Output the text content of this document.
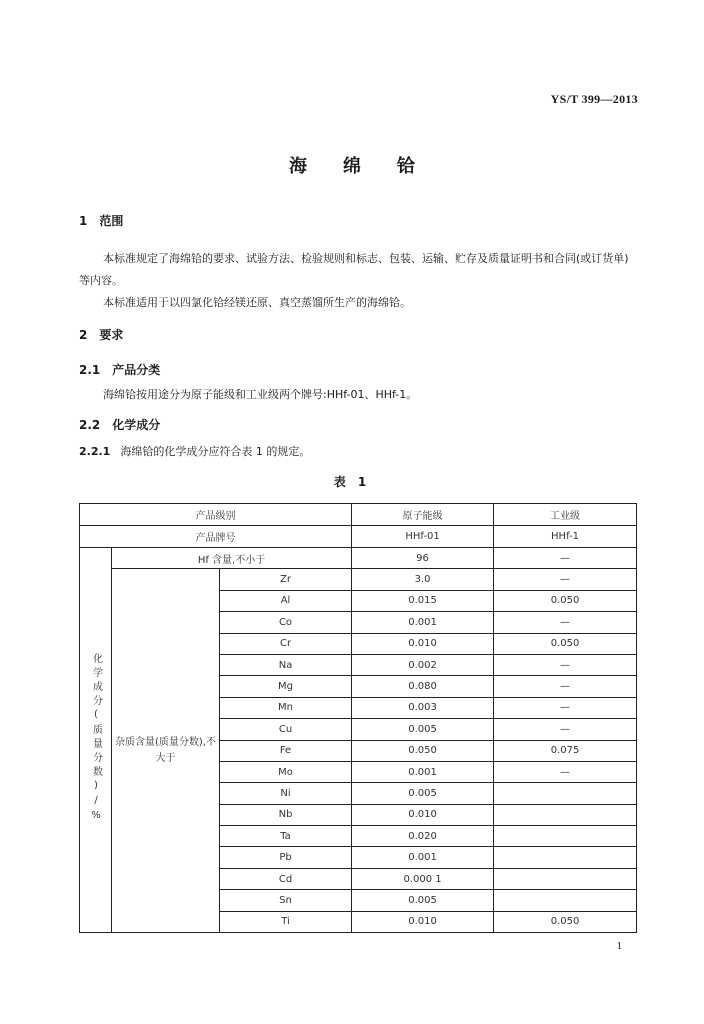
YS/T 399—2013
海绵铪
1 范围
本标准规定了海绵铪的要求、试验方法、检验规则和标志、包装、运输、贮存及质量证明书和合同(或订货单)等内容。
本标准适用于以四氯化铪经镁还原、真空蒸馏所生产的海绵铪。
2 要求
2.1 产品分类
海绵铪按用途分为原子能级和工业级两个牌号:HHf-01、HHf-1。
2.2 化学成分
2.2.1 海绵铪的化学成分应符合表 1 的规定。
表 1
产品级别			原子能级	工业级
产品牌号			HHf-01	HHf-1
化学成分(质量分数)/%	Hf 含量,不小于		96	—
	杂质含量(质量分数),不大于	Zr	3.0	—
		Al	0.015	0.050
		Co	0.001	—
		Cr	0.010	0.050
		Na	0.002	—
		Mg	0.080	—
		Mn	0.003	—
		Cu	0.005	—
		Fe	0.050	0.075
		Mo	0.001	—
		Ni	0.005	
		Nb	0.010	
		Ta	0.020	
		Pb	0.001	
		Cd	0.000 1	
		Sn	0.005	
		Ti	0.010	0.050
1
